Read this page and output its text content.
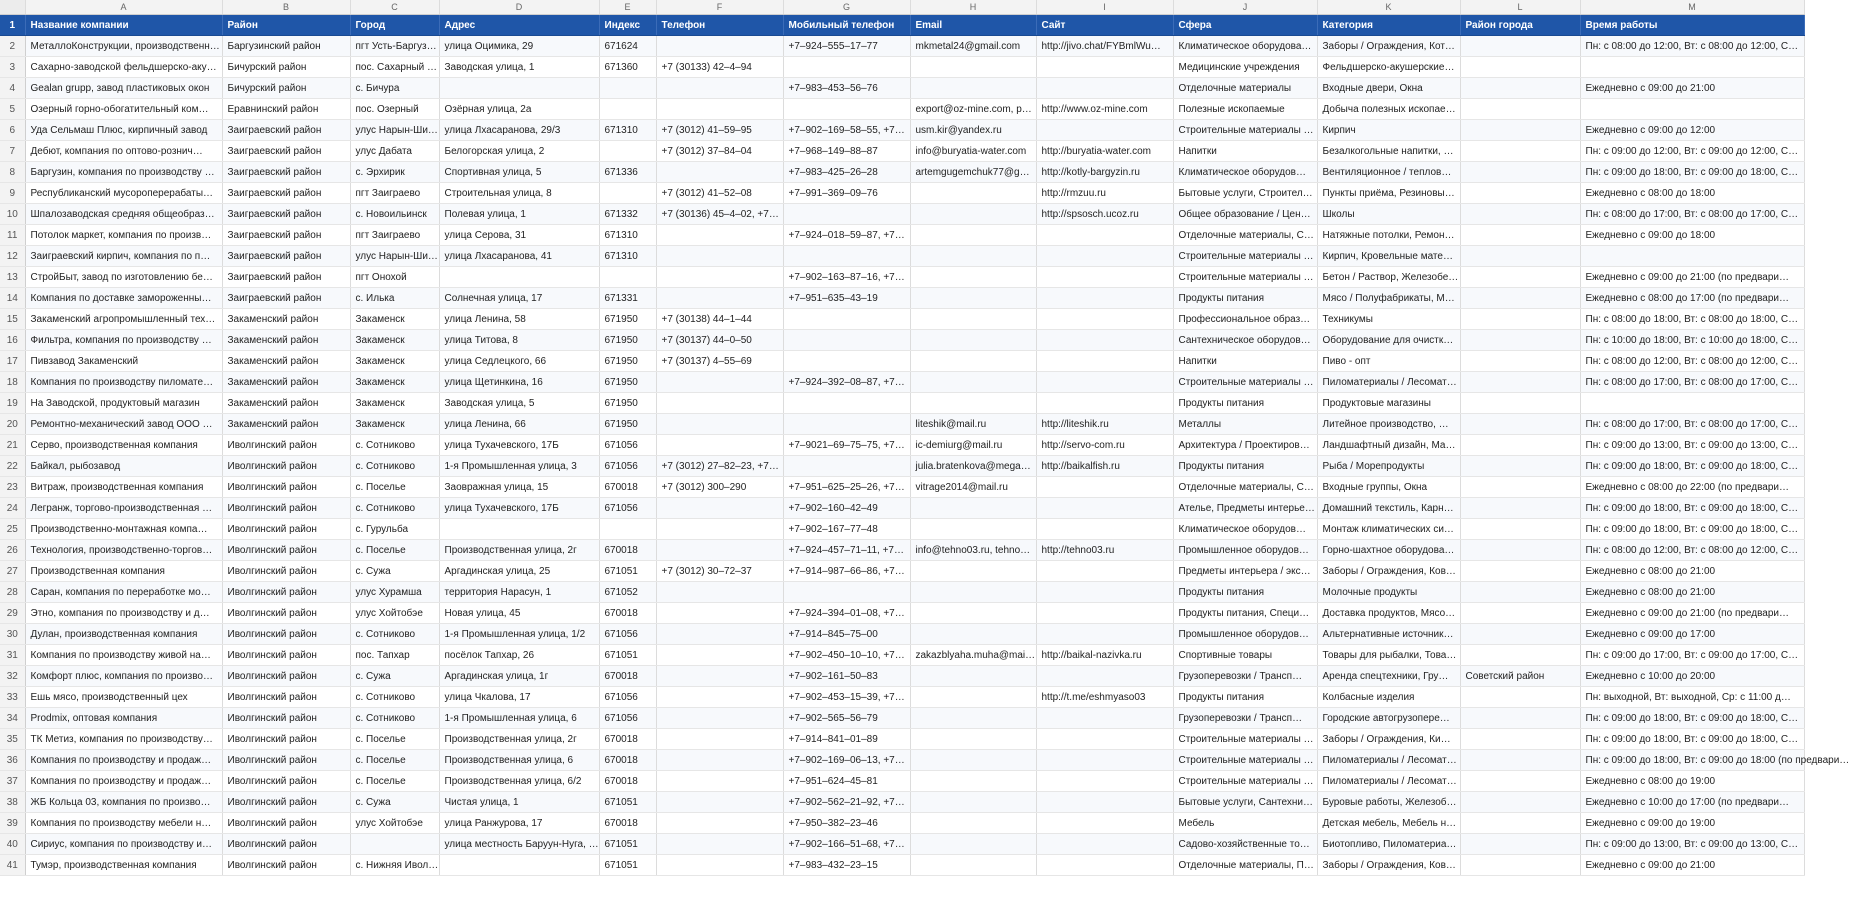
	A	B	C	D	E	F	G	H	I	J	K	L	M
1	Название компании	Район	Город	Адрес	Индекс	Телефон	Мобильный телефон	Email	Сайт	Сфера	Категория	Район города	Время работы
2	МеталлоКонструкции, производственн…	Баргузинский район	пгт Усть-Баргуз…	улица Оцимика, 29	671624		+7–924–555–17–77	mkmetal24@gmail.com	http://jivo.chat/FYBmlWu…	Климатическое оборудова…	Заборы / Ограждения, Кот…		Пн: с 08:00 до 12:00, Вт: с 08:00 до 12:00, С…
3	Сахарно-заводской фельдшерско-аку…	Бичурский район	пос. Сахарный …	Заводская улица, 1	671360	+7 (30133) 42–4–94				Медицинские учреждения	Фельдшерско-акушерские…		
4	Gealan grupp, завод пластиковых окон	Бичурский район	с. Бичура				+7–983–453–56–76			Отделочные материалы	Входные двери, Окна		Ежедневно с 09:00 до 21:00
5	Озерный горно-обогатительный ком…	Еравнинский район	пос. Озерный	Озёрная улица, 2а				export@oz-mine.com, p…	http://www.oz-mine.com	Полезные ископаемые	Добыча полезных ископае…		
6	Уда Сельмаш Плюс, кирпичный завод	Заиграевский район	улус Нарын-Ши…	улица Лхасаранова, 29/3	671310	+7 (3012) 41–59–95	+7–902–169–58–55, +7…	usm.kir@yandex.ru		Строительные материалы …	Кирпич		Ежедневно с 09:00 до 12:00
7	Дебют, компания по оптово-рознич…	Заиграевский район	улус Дабата	Белогорская улица, 2		+7 (3012) 37–84–04	+7–968–149–88–87	info@buryatia-water.com	http://buryatia-water.com	Напитки	Безалкогольные напитки, …		Пн: с 09:00 до 12:00, Вт: с 09:00 до 12:00, С…
8	Баргузин, компания по производству …	Заиграевский район	с. Эрхирик	Спортивная улица, 5	671336		+7–983–425–26–28	artemgugemchuk77@g…	http://kotly-bargyzin.ru	Климатическое оборудов…	Вентиляционное / теплов…		Пн: с 09:00 до 18:00, Вт: с 09:00 до 18:00, С…
9	Республиканский мусороперерабаты…	Заиграевский район	пгт Заиграево	Строительная улица, 8		+7 (3012) 41–52–08	+7–991–369–09–76		http://rmzuu.ru	Бытовые услуги, Строител…	Пункты приёма, Резиновы…		Ежедневно с 08:00 до 18:00
10	Шпалозаводская средняя общеобраз…	Заиграевский район	с. Новоильинск	Полевая улица, 1	671332	+7 (30136) 45–4–02, +7…			http://spsosch.ucoz.ru	Общее образование / Цен…	Школы		Пн: с 08:00 до 17:00, Вт: с 08:00 до 17:00, С…
11	Потолок маркет, компания по произв…	Заиграевский район	пгт Заиграево	улица Серова, 31	671310		+7–924–018–59–87, +7…			Отделочные материалы, С…	Натяжные потолки, Ремон…		Ежедневно с 09:00 до 18:00
12	Заиграевский кирпич, компания по п…	Заиграевский район	улус Нарын-Ши…	улица Лхасаранова, 41	671310					Строительные материалы …	Кирпич, Кровельные мате…		
13	СтройБыт, завод по изготовлению бе…	Заиграевский район	пгт Онохой				+7–902–163–87–16, +7…			Строительные материалы …	Бетон / Раствор, Железобе…		Ежедневно с 09:00 до 21:00 (по предвари…
14	Компания по доставке замороженны…	Заиграевский район	с. Илька	Солнечная улица, 17	671331		+7–951–635–43–19			Продукты питания	Мясо / Полуфабрикаты, М…		Ежедневно с 08:00 до 17:00 (по предвари…
15	Закаменский агропромышленный тех…	Закаменский район	Закаменск	улица Ленина, 58	671950	+7 (30138) 44–1–44				Профессиональное образ…	Техникумы		Пн: с 08:00 до 18:00, Вт: с 08:00 до 18:00, С…
16	Фильтра, компания по производству …	Закаменский район	Закаменск	улица Титова, 8	671950	+7 (30137) 44–0–50				Сантехническое оборудов…	Оборудование для очистк…		Пн: с 10:00 до 18:00, Вт: с 10:00 до 18:00, С…
17	Пивзавод Закаменский	Закаменский район	Закаменск	улица Седлецкого, 66	671950	+7 (30137) 4–55–69				Напитки	Пиво - опт		Пн: с 08:00 до 12:00, Вт: с 08:00 до 12:00, С…
18	Компания по производству пиломате…	Закаменский район	Закаменск	улица Щетинкина, 16	671950		+7–924–392–08–87, +7…			Строительные материалы …	Пиломатериалы / Лесомат…		Пн: с 08:00 до 17:00, Вт: с 08:00 до 17:00, С…
19	На Заводской, продуктовый магазин	Закаменский район	Закаменск	Заводская улица, 5	671950					Продукты питания	Продуктовые магазины		
20	Ремонтно-механический завод ООО …	Закаменский район	Закаменск	улица Ленина, 66	671950			liteshik@mail.ru	http://liteshik.ru	Металлы	Литейное производство, …		Пн: с 08:00 до 17:00, Вт: с 08:00 до 17:00, С…
21	Серво, производственная компания	Иволгинский район	с. Сотниково	улица Тухачевского, 17Б	671056		+7–9021–69–75–75, +7…	ic-demiurg@mail.ru	http://servo-com.ru	Архитектура / Проектиров…	Ландшафтный дизайн, Ма…		Пн: с 09:00 до 13:00, Вт: с 09:00 до 13:00, С…
22	Байкал, рыбозавод	Иволгинский район	с. Сотниково	1-я Промышленная улица, 3	671056	+7 (3012) 27–82–23, +7…		julia.bratenkova@mega…	http://baikalfish.ru	Продукты питания	Рыба / Морепродукты		Пн: с 09:00 до 18:00, Вт: с 09:00 до 18:00, С…
23	Витраж, производственная компания	Иволгинский район	с. Поселье	Заовражная улица, 15	670018	+7 (3012) 300–290	+7–951–625–25–26, +7…	vitrage2014@mail.ru		Отделочные материалы, С…	Входные группы, Окна		Ежедневно с 08:00 до 22:00 (по предвари…
24	Легранж, торгово-производственная …	Иволгинский район	с. Сотниково	улица Тухачевского, 17Б	671056		+7–902–160–42–49			Ателье, Предметы интерье…	Домашний текстиль, Карн…		Пн: с 09:00 до 18:00, Вт: с 09:00 до 18:00, С…
25	Производственно-монтажная компа…	Иволгинский район	с. Гурульба				+7–902–167–77–48			Климатическое оборудов…	Монтаж климатических си…		Пн: с 09:00 до 18:00, Вт: с 09:00 до 18:00, С…
26	Технология, производственно-торгов…	Иволгинский район	с. Поселье	Производственная улица, 2г	670018		+7–924–457–71–11, +7…	info@tehno03.ru, tehno…	http://tehno03.ru	Промышленное оборудов…	Горно-шахтное оборудова…		Пн: с 08:00 до 12:00, Вт: с 08:00 до 12:00, С…
27	Производственная компания	Иволгинский район	с. Сужа	Аргадинская улица, 25	671051	+7 (3012) 30–72–37	+7–914–987–66–86, +7…			Предметы интерьера / экс…	Заборы / Ограждения, Ков…		Ежедневно с 08:00 до 21:00
28	Саран, компания по переработке мо…	Иволгинский район	улус Хурамша	территория Нарасун, 1	671052					Продукты питания	Молочные продукты		Ежедневно с 08:00 до 21:00
29	Этно, компания по производству и д…	Иволгинский район	улус Хойтобэе	Новая улица, 45	670018		+7–924–394–01–08, +7…			Продукты питания, Специ…	Доставка продуктов, Мясо…		Ежедневно с 09:00 до 21:00 (по предвари…
30	Дулан, производственная компания	Иволгинский район	с. Сотниково	1-я Промышленная улица, 1/2	671056		+7–914–845–75–00			Промышленное оборудов…	Альтернативные источник…		Ежедневно с 09:00 до 17:00
31	Компания по производству живой на…	Иволгинский район	пос. Тапхар	посёлок Тапхар, 26	671051		+7–902–450–10–10, +7…	zakazblyaha.muha@mai…	http://baikal-nazivka.ru	Спортивные товары	Товары для рыбалки, Това…		Пн: с 09:00 до 17:00, Вт: с 09:00 до 17:00, С…
32	Комфорт плюс, компания по произво…	Иволгинский район	с. Сужа	Аргадинская улица, 1г	670018		+7–902–161–50–83			Грузоперевозки / Трансп…	Аренда спецтехники, Гру…	Советский район	Ежедневно с 10:00 до 20:00
33	Ешь мясо, производственный цех	Иволгинский район	с. Сотниково	улица Чкалова, 17	671056		+7–902–453–15–39, +7…		http://t.me/eshmyaso03	Продукты питания	Колбасные изделия		Пн: выходной, Вт: выходной, Ср: с 11:00 д…
34	Prodmix, оптовая компания	Иволгинский район	с. Сотниково	1-я Промышленная улица, 6	671056		+7–902–565–56–79			Грузоперевозки / Трансп…	Городские автогрузопере…		Пн: с 09:00 до 18:00, Вт: с 09:00 до 18:00, С…
35	ТК Метиз, компания по производству…	Иволгинский район	с. Поселье	Производственная улица, 2г	670018		+7–914–841–01–89			Строительные материалы …	Заборы / Ограждения, Ки…		Пн: с 09:00 до 18:00, Вт: с 09:00 до 18:00, С…
36	Компания по производству и продаж…	Иволгинский район	с. Поселье	Производственная улица, 6	670018		+7–902–169–06–13, +7…			Строительные материалы …	Пиломатериалы / Лесомат…		Пн: с 09:00 до 18:00, Вт: с 09:00 до 18:00 (по предвари…
37	Компания по производству и продаж…	Иволгинский район	с. Поселье	Производственная улица, 6/2	670018		+7–951–624–45–81			Строительные материалы …	Пиломатериалы / Лесомат…		Ежедневно с 08:00 до 19:00
38	ЖБ Кольца 03, компания по произво…	Иволгинский район	с. Сужа	Чистая улица, 1	671051		+7–902–562–21–92, +7…			Бытовые услуги, Сантехни…	Буровые работы, Железоб…		Ежедневно с 10:00 до 17:00 (по предвари…
39	Компания по производству мебели н…	Иволгинский район	улус Хойтобэе	улица Ранжурова, 17	670018		+7–950–382–23–46			Мебель	Детская мебель, Мебель н…		Ежедневно с 09:00 до 19:00
40	Сириус, компания по производству и…	Иволгинский район		улица местность Баруун-Нуга, …	671051		+7–902–166–51–68, +7…			Садово-хозяйственные то…	Биотопливо, Пиломатериа…		Пн: с 09:00 до 13:00, Вт: с 09:00 до 13:00, С…
41	Тумэр, производственная компания	Иволгинский район	с. Нижняя Ивол…		671051		+7–983–432–23–15			Отделочные материалы, П…	Заборы / Ограждения, Ков…		Ежедневно с 09:00 до 21:00
